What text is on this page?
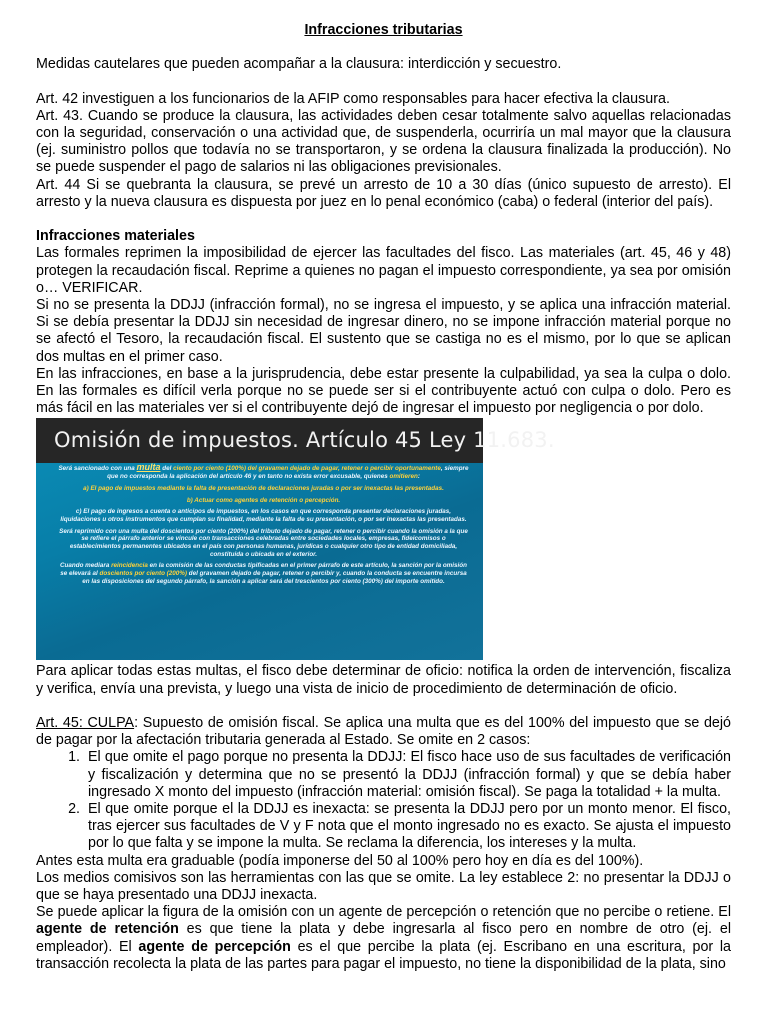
Infracciones tributarias

Medidas cautelares que pueden acompañar a la clausura: interdicción y secuestro.

Art. 42 investiguen a los funcionarios de la AFIP como responsables para hacer efectiva la clausura.

Art. 43. Cuando se produce la clausura, las actividades deben cesar totalmente salvo aquellas relacionadas con la seguridad, conservación o una actividad que, de suspenderla, ocurriría un mal mayor que la clausura (ej. suministro pollos que todavía no se transportaron, y se ordena la clausura finalizada la producción). No se puede suspender el pago de salarios ni las obligaciones previsionales.

Art. 44 Si se quebranta la clausura, se prevé un arresto de 10 a 30 días (único supuesto de arresto). El arresto y la nueva clausura es dispuesta por juez en lo penal económico (caba) o federal (interior del país).

Infracciones materiales

Las formales reprimen la imposibilidad de ejercer las facultades del fisco. Las materiales (art. 45, 46 y 48) protegen la recaudación fiscal. Reprime a quienes no pagan el impuesto correspondiente, ya sea por omisión o… VERIFICAR.

Si no se presenta la DDJJ (infracción formal), no se ingresa el impuesto, y se aplica una infracción material. Si se debía presentar la DDJJ sin necesidad de ingresar dinero, no se impone infracción material porque no se afectó el Tesoro, la recaudación fiscal. El sustento que se castiga no es el mismo, por lo que se aplican dos multas en el primer caso.

En las infracciones, en base a la jurisprudencia, debe estar presente la culpabilidad, ya sea la culpa o dolo. En las formales es difícil verla porque no se puede ser si el contribuyente actuó con culpa o dolo. Pero es más fácil en las materiales ver si el contribuyente dejó de ingresar el impuesto por negligencia o por dolo.

Omisión de impuestos. Artículo 45 Ley 11.683.
Será sancionado con una multa del ciento por ciento (100%) del gravamen dejado de pagar, retener o percibir oportunamente, siempre que no corresponda la aplicación del artículo 46 y en tanto no exista error excusable, quienes omitieren:
a) El pago de impuestos mediante la falta de presentación de declaraciones juradas o por ser inexactas las presentadas.
b) Actuar como agentes de retención o percepción.
c) El pago de ingresos a cuenta o anticipos de impuestos, en los casos en que corresponda presentar declaraciones juradas, liquidaciones u otros instrumentos que cumplan su finalidad, mediante la falta de su presentación, o por ser inexactas las presentadas.
Será reprimido con una multa del doscientos por ciento (200%) del tributo dejado de pagar, retener o percibir cuando la omisión a la que se refiere el párrafo anterior se vincule con transacciones celebradas entre sociedades locales, empresas, fideicomisos o establecimientos permanentes ubicados en el país con personas humanas, jurídicas o cualquier otro tipo de entidad domiciliada, constituida o ubicada en el exterior.
Cuando mediara reincidencia en la comisión de las conductas tipificadas en el primer párrafo de este artículo, la sanción por la omisión se elevará al doscientos por ciento (200%) del gravamen dejado de pagar, retener o percibir y, cuando la conducta se encuentre incursa en las disposiciones del segundo párrafo, la sanción a aplicar será del trescientos por ciento (300%) del importe omitido.

Para aplicar todas estas multas, el fisco debe determinar de oficio: notifica la orden de intervención, fiscaliza y verifica, envía una prevista, y luego una vista de inicio de procedimiento de determinación de oficio.

Art. 45: CULPA: Supuesto de omisión fiscal. Se aplica una multa que es del 100% del impuesto que se dejó de pagar por la afectación tributaria generada al Estado. Se omite en 2 casos:

1. El que omite el pago porque no presenta la DDJJ: El fisco hace uso de sus facultades de verificación y fiscalización y determina que no se presentó la DDJJ (infracción formal) y que se debía haber ingresado X monto del impuesto (infracción material: omisión fiscal). Se paga la totalidad + la multa.
2. El que omite porque el la DDJJ es inexacta: se presenta la DDJJ pero por un monto menor. El fisco, tras ejercer sus facultades de V y F nota que el monto ingresado no es exacto. Se ajusta el impuesto por lo que falta y se impone la multa. Se reclama la diferencia, los intereses y la multa.

Antes esta multa era graduable (podía imponerse del 50 al 100% pero hoy en día es del 100%).

Los medios comisivos son las herramientas con las que se omite. La ley establece 2: no presentar la DDJJ o que se haya presentado una DDJJ inexacta.

Se puede aplicar la figura de la omisión con un agente de percepción o retención que no percibe o retiene. El agente de retención es que tiene la plata y debe ingresarla al fisco pero en nombre de otro (ej. el empleador). El agente de percepción es el que percibe la plata (ej. Escribano en una escritura, por la transacción recolecta la plata de las partes para pagar el impuesto, no tiene la disponibilidad de la plata, sino
